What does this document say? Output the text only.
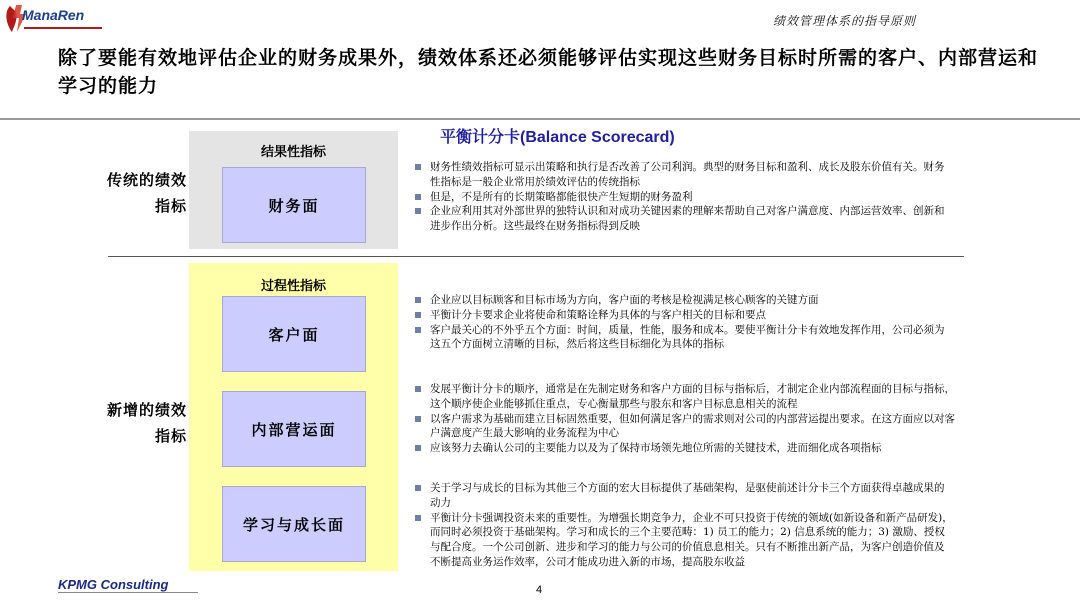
ManaRen	绩效管理体系的指导原则
除了要能有效地评估企业的财务成果外，绩效体系还必须能够评估实现这些财务目标时所需的客户、内部营运和学习的能力
平衡计分卡(Balance Scorecard)
结果性指标
财务面
传统的绩效指标
财务性绩效指标可显示出策略和执行是否改善了公司利润。典型的财务目标和盈利、成长及股东价值有关。财务性指标是一般企业常用於绩效评估的传统指标
但是，不是所有的长期策略都能很快产生短期的财务盈利
企业应利用其对外部世界的独特认识和对成功关键因素的理解来帮助自己对客户满意度、内部运营效率、创新和进步作出分析。这些最终在财务指标得到反映
过程性指标
客户面
内部营运面
学习与成长面
新增的绩效指标
企业应以目标顾客和目标市场为方向，客户面的考核是检视满足核心顾客的关键方面
平衡计分卡要求企业将使命和策略诠释为具体的与客户相关的目标和要点
客户最关心的不外乎五个方面：时间，质量，性能，服务和成本。要使平衡计分卡有效地发挥作用，公司必须为这五个方面树立清晰的目标，然后将这些目标细化为具体的指标
发展平衡计分卡的顺序，通常是在先制定财务和客户方面的目标与指标后，才制定企业内部流程面的目标与指标，这个顺序使企业能够抓住重点，专心衡量那些与股东和客户目标息息相关的流程
以客户需求为基础而建立目标固然重要，但如何满足客户的需求则对公司的内部营运提出要求。在这方面应以对客户满意度产生最大影响的业务流程为中心
应该努力去确认公司的主要能力以及为了保持市场领先地位所需的关键技术，进而细化成各项指标
关于学习与成长的目标为其他三个方面的宏大目标提供了基础架构，是驱使前述计分卡三个方面获得卓越成果的动力
平衡计分卡强调投资未来的重要性。为增强长期竞争力，企业不可只投资于传统的领域(如新设备和新产品研发)，而同时必须投资于基础架构。学习和成长的三个主要范畴：1) 员工的能力；2) 信息系统的能力；3) 激励、授权与配合度。一个公司创新、进步和学习的能力与公司的价值息息相关。只有不断推出新产品，为客户创造价值及不断提高业务运作效率，公司才能成功进入新的市场，提高股东收益
KPMG Consulting	4
